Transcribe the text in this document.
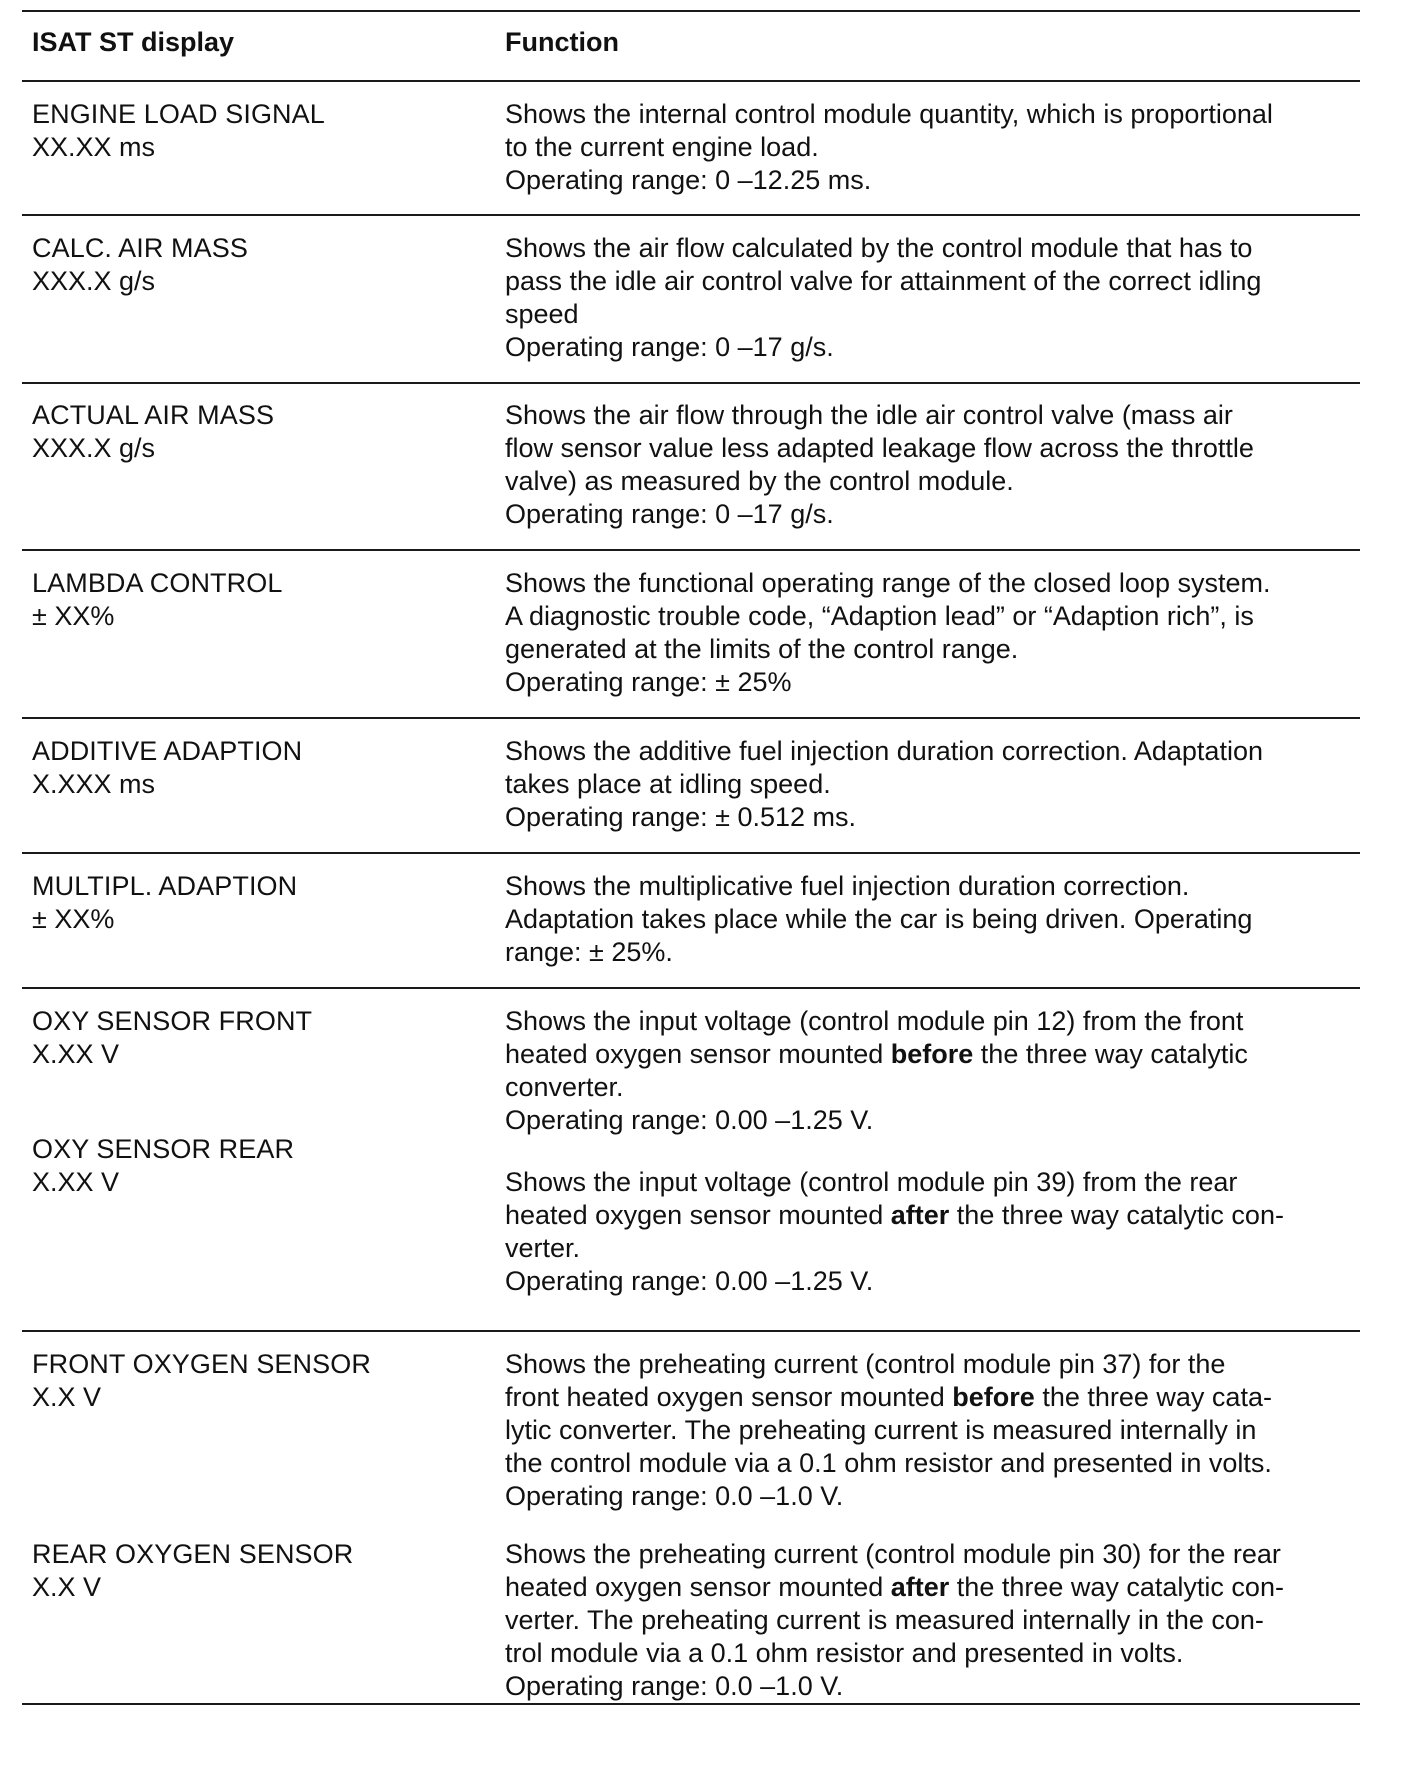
ISAT ST display	Function
ENGINE LOAD SIGNAL
XX.XX ms
Shows the internal control module quantity, which is proportional
to the current engine load.
Operating range: 0 –12.25 ms.
CALC. AIR MASS
XXX.X g/s
Shows the air flow calculated by the control module that has to
pass the idle air control valve for attainment of the correct idling
speed
Operating range: 0 –17 g/s.
ACTUAL AIR MASS
XXX.X g/s
Shows the air flow through the idle air control valve (mass air
flow sensor value less adapted leakage flow across the throttle
valve) as measured by the control module.
Operating range: 0 –17 g/s.
LAMBDA CONTROL
± XX%
Shows the functional operating range of the closed loop system.
A diagnostic trouble code, “Adaption lead” or “Adaption rich”, is
generated at the limits of the control range.
Operating range: ± 25%
ADDITIVE ADAPTION
X.XXX ms
Shows the additive fuel injection duration correction. Adaptation
takes place at idling speed.
Operating range: ± 0.512 ms.
MULTIPL. ADAPTION
± XX%
Shows the multiplicative fuel injection duration correction.
Adaptation takes place while the car is being driven. Operating
range: ± 25%.
OXY SENSOR FRONT
X.XX V
Shows the input voltage (control module pin 12) from the front
heated oxygen sensor mounted before the three way catalytic
converter.
Operating range: 0.00 –1.25 V.
OXY SENSOR REAR
X.XX V	Shows the input voltage (control module pin 39) from the rear
heated oxygen sensor mounted after the three way catalytic con-
verter.
Operating range: 0.00 –1.25 V.
FRONT OXYGEN SENSOR
X.X V
Shows the preheating current (control module pin 37) for the
front heated oxygen sensor mounted before the three way cata-
lytic converter. The preheating current is measured internally in
the control module via a 0.1 ohm resistor and presented in volts.
Operating range: 0.0 –1.0 V.
REAR OXYGEN SENSOR
X.X V
Shows the preheating current (control module pin 30) for the rear
heated oxygen sensor mounted after the three way catalytic con-
verter. The preheating current is measured internally in the con-
trol module via a 0.1 ohm resistor and presented in volts.
Operating range: 0.0 –1.0 V.
